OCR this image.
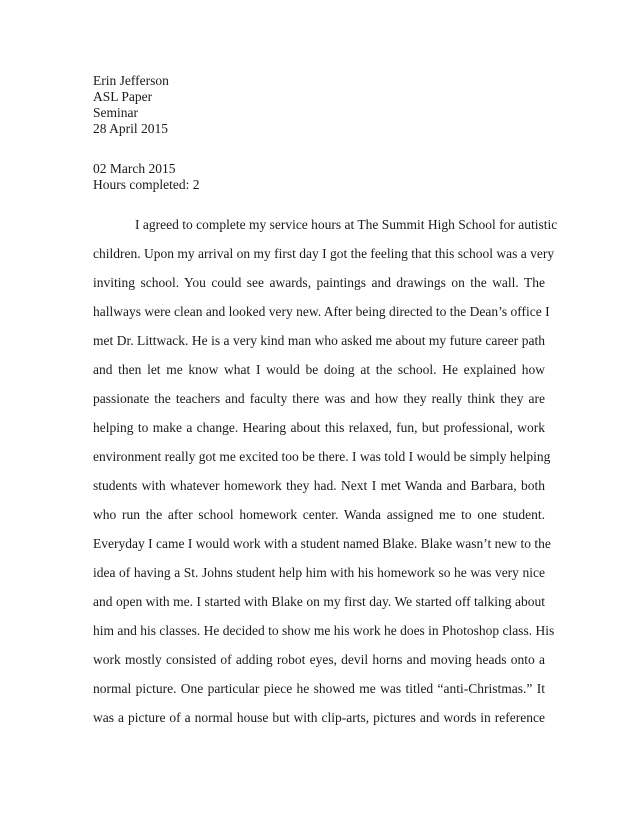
Erin Jefferson
ASL Paper
Seminar
28 April 2015
02 March 2015
Hours completed: 2
I agreed to complete my service hours at The Summit High School for autistic
children. Upon my arrival on my first day I got the feeling that this school was a very
inviting school. You could see awards, paintings and drawings on the wall. The
hallways were clean and looked very new. After being directed to the Dean’s office I
met Dr. Littwack. He is a very kind man who asked me about my future career path
and then let me know what I would be doing at the school. He explained how
passionate the teachers and faculty there was and how they really think they are
helping to make a change. Hearing about this relaxed, fun, but professional, work
environment really got me excited too be there. I was told I would be simply helping
students with whatever homework they had. Next I met Wanda and Barbara, both
who run the after school homework center. Wanda assigned me to one student.
Everyday I came I would work with a student named Blake. Blake wasn’t new to the
idea of having a St. Johns student help him with his homework so he was very nice
and open with me. I started with Blake on my first day. We started off talking about
him and his classes. He decided to show me his work he does in Photoshop class. His
work mostly consisted of adding robot eyes, devil horns and moving heads onto a
normal picture. One particular piece he showed me was titled “anti-Christmas.” It
was a picture of a normal house but with clip-arts, pictures and words in reference
